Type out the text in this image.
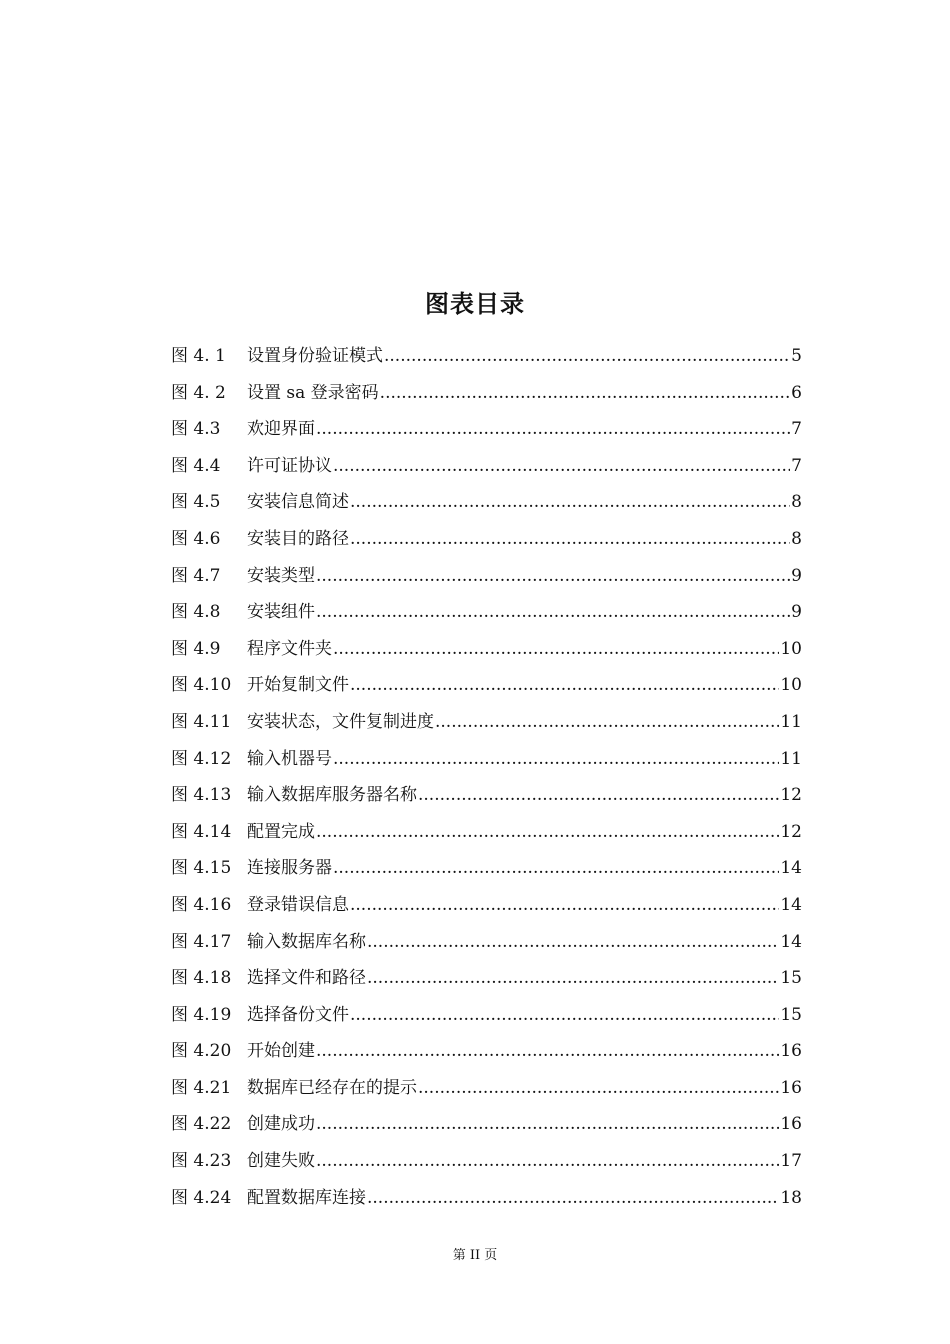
图表目录
图 4. 1	设置身份验证模式 .....	5
图 4. 2	设置 sa 登录密码 .....	6
图 4.3	欢迎界面 .....	7
图 4.4	许可证协议 .....	7
图 4.5	安装信息简述 .....	8
图 4.6	安装目的路径 .....	8
图 4.7	安装类型 .....	9
图 4.8	安装组件 .....	9
图 4.9	程序文件夹 .....	10
图 4.10 开始复制文件 .....	10
图 4.11 安装状态，文件复制进度 .....	11
图 4.12 输入机器号 .....	11
图 4.13 输入数据库服务器名称 .....	12
图 4.14 配置完成 .....	12
图 4.15 连接服务器 .....	14
图 4.16 登录错误信息 .....	14
图 4.17 输入数据库名称 .....	14
图 4.18 选择文件和路径 .....	15
图 4.19 选择备份文件 .....	15
图 4.20 开始创建 .....	16
图 4.21 数据库已经存在的提示 .....	16
图 4.22 创建成功 .....	16
图 4.23 创建失败 .....	17
图 4.24 配置数据库连接 .....	18
第 II 页
